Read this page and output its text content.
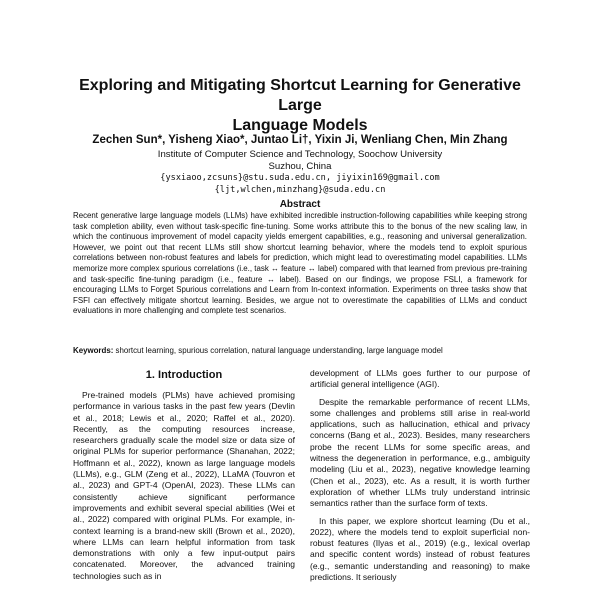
Exploring and Mitigating Shortcut Learning for Generative Large
Language Models
Zechen Sun*, Yisheng Xiao*, Juntao Li†, Yixin Ji, Wenliang Chen, Min Zhang
Institute of Computer Science and Technology, Soochow University
Suzhou, China
{ysxiaoo,zcsuns}@stu.suda.edu.cn, jiyixin169@gmail.com
{ljt,wlchen,minzhang}@suda.edu.cn
Abstract
Recent generative large language models (LLMs) have exhibited incredible instruction-following capabilities while keeping strong task completion ability, even without task-specific fine-tuning. Some works attribute this to the bonus of the new scaling law, in which the continuous improvement of model capacity yields emergent capabilities, e.g., reasoning and universal generalization. However, we point out that recent LLMs still show shortcut learning behavior, where the models tend to exploit spurious correlations between non-robust features and labels for prediction, which might lead to overestimating model capabilities. LLMs memorize more complex spurious correlations (i.e., task ↔ feature ↔ label) compared with that learned from previous pre-training and task-specific fine-tuning paradigm (i.e., feature ↔ label). Based on our findings, we propose FSLI, a framework for encouraging LLMs to Forget Spurious correlations and Learn from In-context information. Experiments on three tasks show that FSFI can effectively mitigate shortcut learning. Besides, we argue not to overestimate the capabilities of LLMs and conduct evaluations in more challenging and complete test scenarios.
Keywords: shortcut learning, spurious correlation, natural language understanding, large language model
1. Introduction

Pre-trained models (PLMs) have achieved promising performance in various tasks in the past few years (Devlin et al., 2018; Lewis et al., 2020; Raffel et al., 2020). Recently, as the computing resources increase, researchers gradually scale the model size or data size of original PLMs for superior performance (Shanahan, 2022; Hoffmann et al., 2022), known as large language models (LLMs), e.g., GLM (Zeng et al., 2022), LLaMA (Touvron et al., 2023) and GPT-4 (OpenAI, 2023). These LLMs can consistently achieve significant performance improvements and exhibit several special abilities (Wei et al., 2022) compared with original PLMs. For example, in-context learning is a brand-new skill (Brown et al., 2020), where LLMs can learn helpful information from task demonstrations with only a few input-output pairs concatenated. Moreover, the advanced training technologies such as in

development of LLMs goes further to our purpose of artificial general intelligence (AGI).

Despite the remarkable performance of recent LLMs, some challenges and problems still arise in real-world applications, such as hallucination, ethical and privacy concerns (Bang et al., 2023). Besides, many researchers probe the recent LLMs for some specific areas, and witness the degeneration in performance, e.g., ambiguity modeling (Liu et al., 2023), negative knowledge learning (Chen et al., 2023), etc. As a result, it is worth further exploration of whether LLMs truly understand intrinsic semantics rather than the surface form of texts.

In this paper, we explore shortcut learning (Du et al., 2022), where the models tend to exploit superficial non-robust features (Ilyas et al., 2019) (e.g., lexical overlap and specific content words) instead of robust features (e.g., semantic understanding and reasoning) to make predictions. It seriously
